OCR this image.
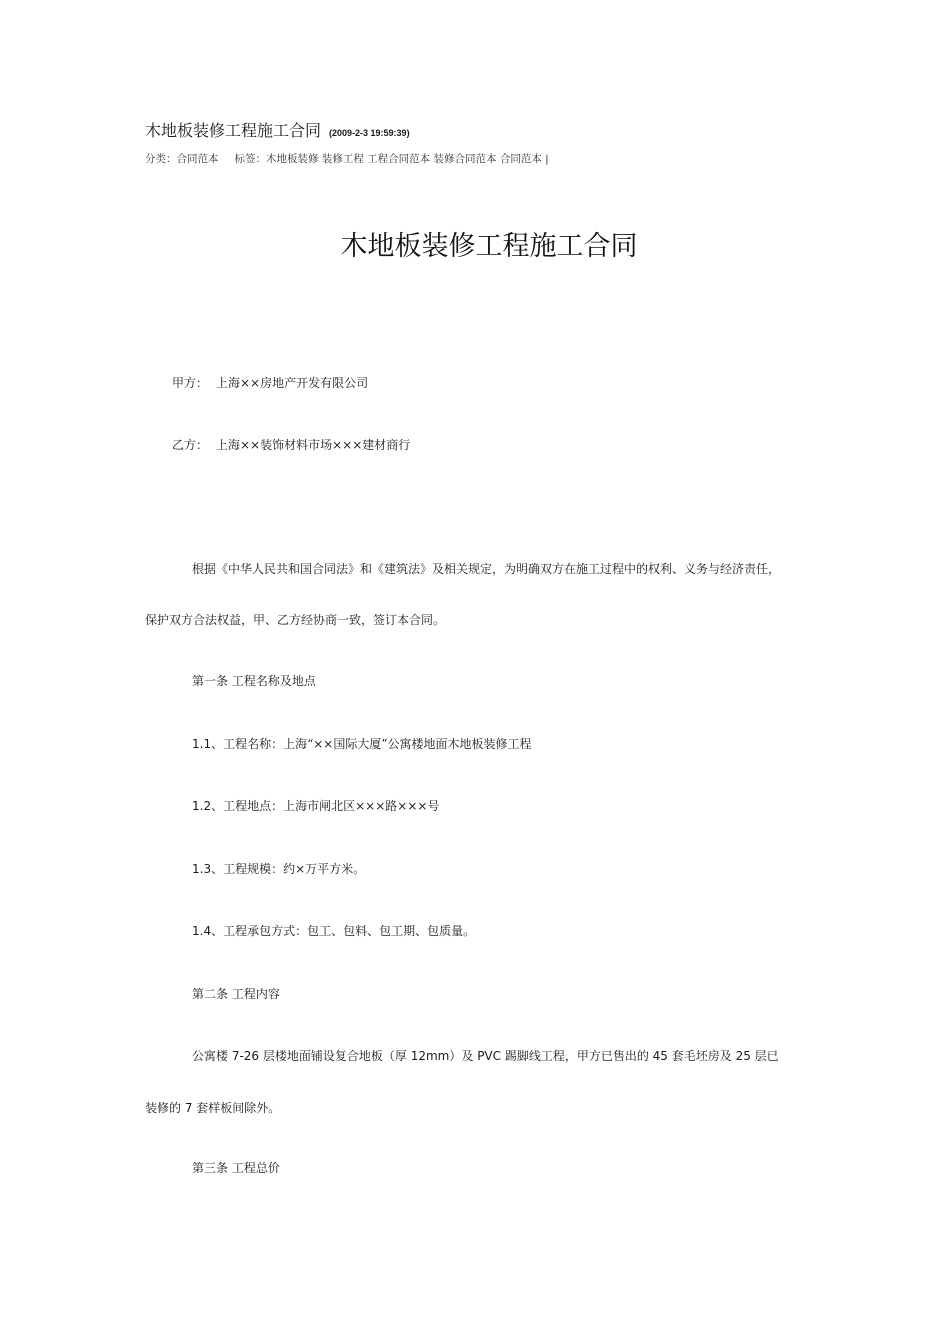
木地板装修工程施工合同 (2009-2-3 19:59:39)
分类：合同范本 标签：木地板装修 装修工程 工程合同范本 装修合同范本 合同范本 |
木地板装修工程施工合同
甲方： 上海××房地产开发有限公司
乙方： 上海××装饰材料市场×××建材商行
根据《中华人民共和国合同法》和《建筑法》及相关规定，为明确双方在施工过程中的权利、义务与经济责任，
保护双方合法权益，甲、乙方经协商一致，签订本合同。
第一条 工程名称及地点
1.1、工程名称：上海“××国际大厦”公寓楼地面木地板装修工程
1.2、工程地点：上海市闸北区×××路×××号
1.3、工程规模：约×万平方米。
1.4、工程承包方式：包工、包料、包工期、包质量。
第二条 工程内容
公寓楼 7-26 层楼地面铺设复合地板（厚 12mm）及 PVC 踢脚线工程，甲方已售出的 45 套毛坯房及 25 层已
装修的 7 套样板间除外。
第三条 工程总价
